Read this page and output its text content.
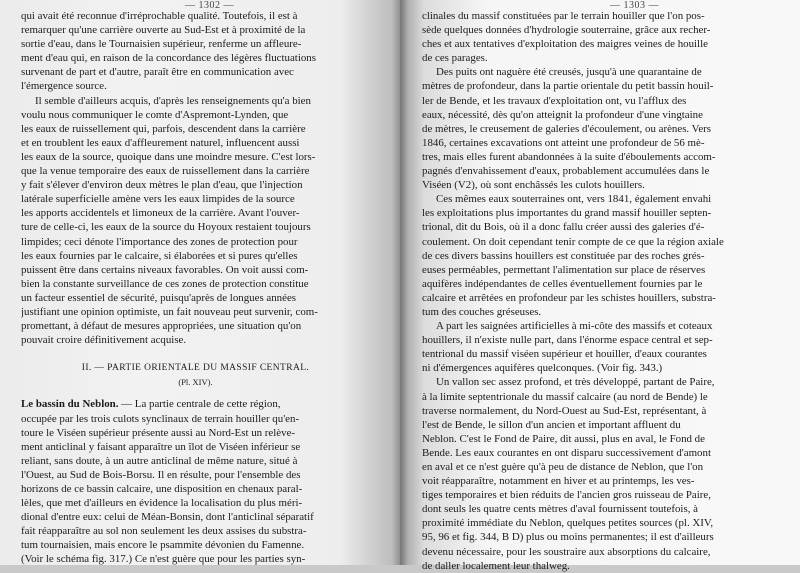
— 1302 —	— 1303 —
qui avait été reconnue d'irréprochable qualité. Toutefois, il est à
remarquer qu'une carrière ouverte au Sud-Est et à proximité de la
sortie d'eau, dans le Tournaisien supérieur, renferme un affleure-
ment d'eau qui, en raison de la concordance des légères fluctuations
survenant de part et d'autre, paraît être en communication avec
l'émergence source.
Il semble d'ailleurs acquis, d'après les renseignements qu'a bien
voulu nous communiquer le comte d'Aspremont-Lynden, que
les eaux de ruissellement qui, parfois, descendent dans la carrière
et en troublent les eaux d'affleurement naturel, influencent aussi
les eaux de la source, quoique dans une moindre mesure. C'est lors-
que la venue temporaire des eaux de ruissellement dans la carrière
y fait s'élever d'environ deux mètres le plan d'eau, que l'injection
latérale superficielle amène vers les eaux limpides de la source
les apports accidentels et limoneux de la carrière. Avant l'ouver-
ture de celle-ci, les eaux de la source du Hoyoux restaient toujours
limpides; ceci dénote l'importance des zones de protection pour
les eaux fournies par le calcaire, si élaborées et si pures qu'elles
puissent être dans certains niveaux favorables. On voit aussi com-
bien la constante surveillance de ces zones de protection constitue
un facteur essentiel de sécurité, puisqu'après de longues années
justifiant une opinion optimiste, un fait nouveau peut survenir, com-
promettant, à défaut de mesures appropriées, une situation qu'on
pouvait croire définitivement acquise.
II. — PARTIE ORIENTALE DU MASSIF CENTRAL.
(Pl. XIV).
Le bassin du Neblon. — La partie centrale de cette région,
occupée par les trois culots synclinaux de terrain houiller qu'en-
toure le Viséen supérieur présente aussi au Nord-Est un relève-
ment anticlinal y faisant apparaître un îlot de Viséen inférieur se
reliant, sans doute, à un autre anticlinal de même nature, situé à
l'Ouest, au Sud de Bois-Borsu. Il en résulte, pour l'ensemble des
horizons de ce bassin calcaire, une disposition en chenaux paral-
lèles, que met d'ailleurs en évidence la localisation du plus méri-
dional d'entre eux: celui de Méan-Bonsin, dont l'anticlinal séparatif
fait réapparaître au sol non seulement les deux assises du substra-
tum tournaisien, mais encore le psammite dévonien du Famenne.
(Voir le schéma fig. 317.) Ce n'est guère que pour les parties syn-
clinales du massif constituées par le terrain houiller que l'on pos-
sède quelques données d'hydrologie souterraine, grâce aux recher-
ches et aux tentatives d'exploitation des maigres veines de houille
de ces parages.
Des puits ont naguère été creusés, jusqu'à une quarantaine de
mètres de profondeur, dans la partie orientale du petit bassin houil-
ler de Bende, et les travaux d'exploitation ont, vu l'afflux des
eaux, nécessité, dès qu'on atteignit la profondeur d'une vingtaine
de mètres, le creusement de galeries d'écoulement, ou arènes. Vers
1846, certaines excavations ont atteint une profondeur de 56 mè-
tres, mais elles furent abandonnées à la suite d'éboulements accom-
pagnés d'envahissement d'eaux, probablement accumulées dans le
Viséen (V2), où sont enchâssés les culots houillers.
Ces mêmes eaux souterraines ont, vers 1841, également envahi
les exploitations plus importantes du grand massif houiller septen-
trional, dit du Bois, où il a donc fallu créer aussi des galeries d'é-
coulement. On doit cependant tenir compte de ce que la région axiale
de ces divers bassins houillers est constituée par des roches grés-
euses perméables, permettant l'alimentation sur place de réserves
aquifères indépendantes de celles éventuellement fournies par le
calcaire et arrêtées en profondeur par les schistes houillers, substra-
tum des couches gréseuses.
A part les saignées artificielles à mi-côte des massifs et coteaux
houillers, il n'existe nulle part, dans l'énorme espace central et sep-
tentrional du massif viséen supérieur et houiller, d'eaux courantes
ni d'émergences aquifères quelconques. (Voir fig. 343.)
Un vallon sec assez profond, et très développé, partant de Paire,
à la limite septentrionale du massif calcaire (au nord de Bende) le
traverse normalement, du Nord-Ouest au Sud-Est, représentant, à
l'est de Bende, le sillon d'un ancien et important affluent du
Neblon. C'est le Fond de Paire, dit aussi, plus en aval, le Fond de
Bende. Les eaux courantes en ont disparu successivement d'amont
en aval et ce n'est guère qu'à peu de distance de Neblon, que l'on
voit réapparaître, notamment en hiver et au printemps, les ves-
tiges temporaires et bien réduits de l'ancien gros ruisseau de Paire,
dont seuls les quatre cents mètres d'aval fournissent toutefois, à
proximité immédiate du Neblon, quelques petites sources (pl. XIV,
95, 96 et fig. 344, B D) plus ou moins permanentes; il est d'ailleurs
devenu nécessaire, pour les soustraire aux absorptions du calcaire,
de daller localement leur thalweg.
